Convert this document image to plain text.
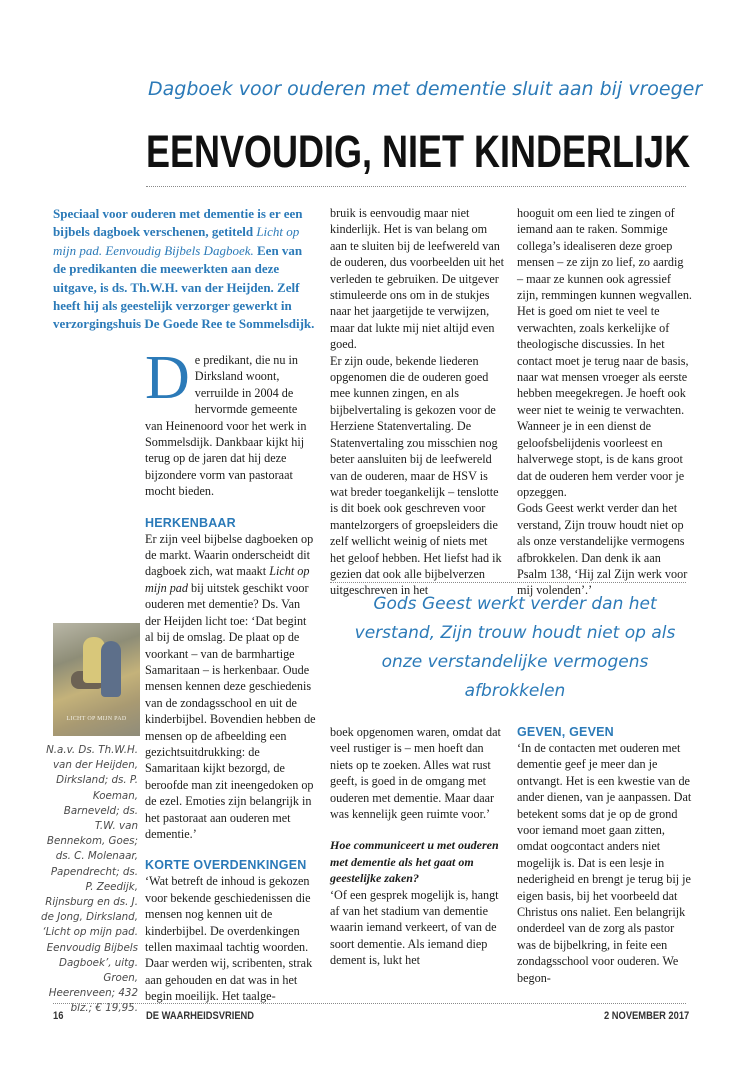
Dagboek voor ouderen met dementie sluit aan bij vroeger
EENVOUDIG, NIET KINDERLIJK
Speciaal voor ouderen met dementie is er een bijbels dagboek verschenen, getiteld Licht op mijn pad. Eenvoudig Bijbels Dagboek. Een van de predikanten die meewerkten aan deze uitgave, is ds. Th.W.H. van der Heijden. Zelf heeft hij als geestelijk verzorger gewerkt in verzorgingshuis De Goede Ree te Sommelsdijk.

De predikant, die nu in Dirksland woont, verruilde in 2004 de hervormde gemeente van Heinenoord voor het werk in Sommelsdijk. Dankbaar kijkt hij terug op de jaren dat hij deze bijzondere vorm van pastoraat mocht bieden.

HERKENBAAR

Er zijn veel bijbelse dagboeken op de markt. Waarin onderscheidt dit dagboek zich, wat maakt Licht op mijn pad bij uitstek geschikt voor ouderen met dementie? Ds. Van der Heijden licht toe: ‘Dat begint al bij de omslag. De plaat op de voorkant – van de barmhartige Samaritaan – is herkenbaar. Oude mensen kennen deze geschiedenis van de zondagsschool en uit de kinderbijbel. Bovendien hebben de mensen op de afbeelding een gezichtsuitdrukking: de Samaritaan kijkt bezorgd, de beroofde man zit ineengedoken op de ezel. Emoties zijn belangrijk in het pastoraat aan ouderen met dementie.’

KORTE OVERDENKINGEN

‘Wat betreft de inhoud is gekozen voor bekende geschiedenissen die mensen nog kennen uit de kinderbijbel. De overdenkingen tellen maximaal tachtig woorden. Daar werden wij, scribenten, strak aan gehouden en dat was in het begin moeilijk. Het taalge-

bruik is eenvoudig maar niet kinderlijk. Het is van belang om aan te sluiten bij de leefwereld van de ouderen, dus voorbeelden uit het verleden te gebruiken. De uitgever stimuleerde ons om in de stukjes naar het jaargetijde te verwijzen, maar dat lukte mij niet altijd even goed.

Er zijn oude, bekende liederen opgenomen die de ouderen goed mee kunnen zingen, en als bijbelvertaling is gekozen voor de Herziene Statenvertaling. De Statenvertaling zou misschien nog beter aansluiten bij de leefwereld van de ouderen, maar de HSV is wat breder toegankelijk – tenslotte is dit boek ook geschreven voor mantelzorgers of groepsleiders die zelf wellicht weinig of niets met het geloof hebben. Het liefst had ik gezien dat ook alle bijbelverzen uitgeschreven in het

hooguit om een lied te zingen of iemand aan te raken. Sommige collega’s idealiseren deze groep mensen – ze zijn zo lief, zo aardig – maar ze kunnen ook agressief zijn, remmingen kunnen wegvallen. Het is goed om niet te veel te verwachten, zoals kerkelijke of theologische discussies. In het contact moet je terug naar de basis, naar wat mensen vroeger als eerste hebben meegekregen. Je hoeft ook weer niet te weinig te verwachten. Wanneer je in een dienst de geloofsbelijdenis voorleest en halverwege stopt, is de kans groot dat de ouderen hem verder voor je opzeggen.

Gods Geest werkt verder dan het verstand, Zijn trouw houdt niet op als onze verstandelijke vermogens afbrokkelen. Dan denk ik aan Psalm 138, ‘Hij zal Zijn werk voor mij volenden’.’

Gods Geest werkt verder dan het verstand, Zijn trouw houdt niet op als onze verstandelijke vermogens afbrokkelen

boek opgenomen waren, omdat dat veel rustiger is – men hoeft dan niets op te zoeken. Alles wat rust geeft, is goed in de omgang met ouderen met dementie. Maar daar was kennelijk geen ruimte voor.’

Hoe communiceert u met ouderen met dementie als het gaat om geestelijke zaken?

‘Of een gesprek mogelijk is, hangt af van het stadium van dementie waarin iemand verkeert, of van de soort dementie. Als iemand diep dement is, lukt het

GEVEN, GEVEN

‘In de contacten met ouderen met dementie geef je meer dan je ontvangt. Het is een kwestie van de ander dienen, van je aanpassen. Dat betekent soms dat je op de grond voor iemand moet gaan zitten, omdat oogcontact anders niet mogelijk is. Dat is een lesje in nederigheid en brengt je terug bij je eigen basis, bij het voorbeeld dat Christus ons naliet. Een belangrijk onderdeel van de zorg als pastor was de bijbelkring, in feite een zondagsschool voor ouderen. We begon-

LICHT OP MIJN PAD
N.a.v. Ds. Th.W.H. van der Heijden, Dirksland; ds. P. Koeman, Barneveld; ds. T.W. van Bennekom, Goes; ds. C. Molenaar, Papendrecht; ds. P. Zeedijk, Rijnsburg en ds. J. de Jong, Dirksland, ‘Licht op mijn pad. Eenvoudig Bijbels Dagboek’, uitg. Groen, Heerenveen; 432 blz.; € 19,95.
16	DE WAARHEIDSVRIEND	2 NOVEMBER 2017
